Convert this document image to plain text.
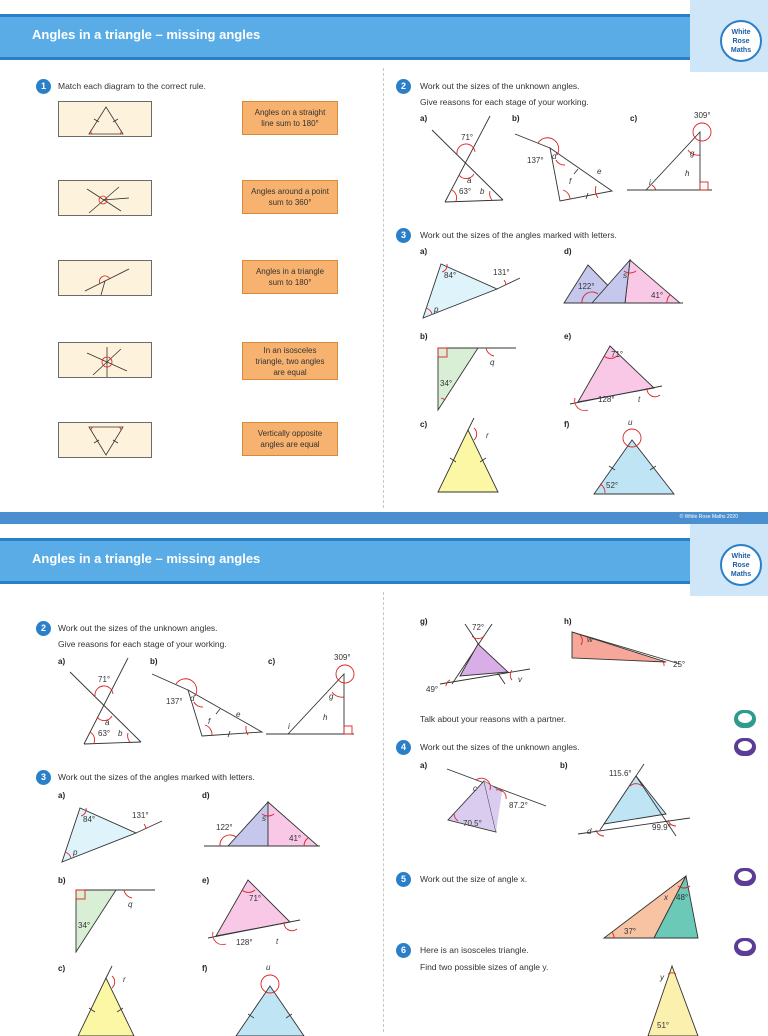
Angles in a triangle – missing angles	White
Rose
Maths
1	Match each diagram to the correct rule.
Angles on a straight line sum to 180°
Angles around a point sum to 360°
Angles in a triangle sum to 180°
In an isosceles triangle, two angles are equal
Vertically opposite angles are equal
2	Work out the sizes of the unknown angles.
Give reasons for each stage of your working.
a)	b)	c)
71°
a
63° b
137° d
e
f
309°
g
h
i
3	Work out the sizes of the angles marked with letters.
a)	d)
b)	e)
c)	f)
84°	131°
p
122°
s
41°
34°
q
71°
128°	t
r
u
52°
© White Rose Maths 2020
Angles in a triangle – missing angles	White
Rose
Maths
2	Work out the sizes of the unknown angles.
Give reasons for each stage of your working.
a)	b)	c)
71°
a
63° b
137° d
e
f
309°
g
h
i
3	Work out the sizes of the angles marked with letters.
a)	d)
b)	e)
c)	f)
84°	131°
p
122°
s
41°
34°
q
71°
128°	t
r
u
g)	h)
72°
49°
v
w
25°
Talk about your reasons with a partner.
4	Work out the sizes of the unknown angles.
a)	b)
c
87.2°
70.5°
115.6°
d	99.9°
5	Work out the size of angle x.
x 48°
37°
6	Here is an isosceles triangle.
Find two possible sizes of angle y.
y
51°
